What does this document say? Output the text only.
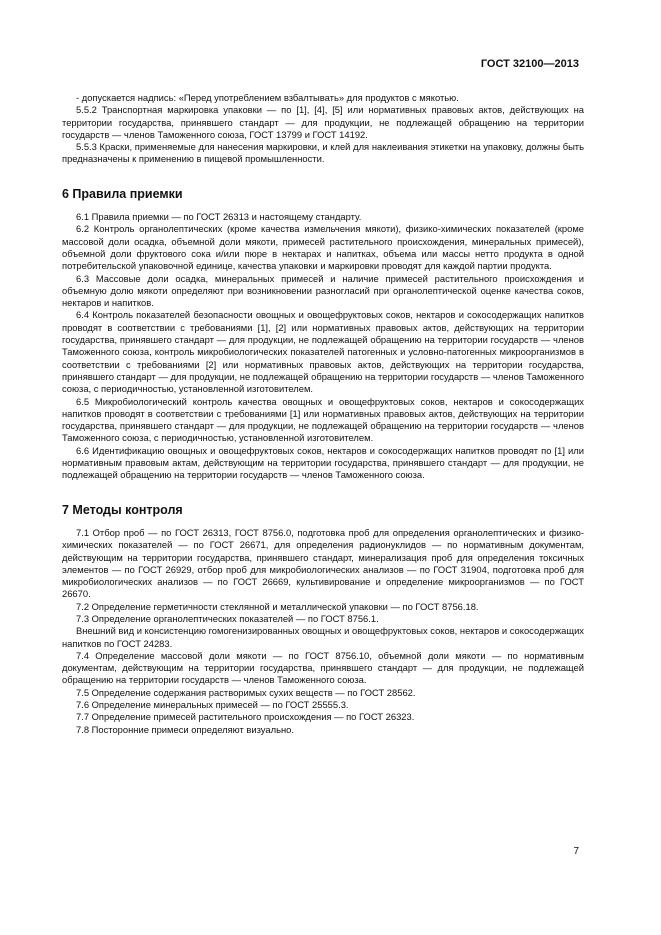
ГОСТ 32100—2013

- допускается надпись: «Перед употреблением взбалтывать» для продуктов с мякотью.

5.5.2 Транспортная маркировка упаковки — по [1], [4], [5] или нормативных правовых актов, действующих на территории государства, принявшего стандарт — для продукции, не подлежащей обращению на территории государств — членов Таможенного союза, ГОСТ 13799 и ГОСТ 14192.

5.5.3 Краски, применяемые для нанесения маркировки, и клей для наклеивания этикетки на упаковку, должны быть предназначены к применению в пищевой промышленности.

6 Правила приемки

6.1 Правила приемки — по ГОСТ 26313 и настоящему стандарту.

6.2 Контроль органолептических (кроме качества измельчения мякоти), физико-химических показателей (кроме массовой доли осадка, объемной доли мякоти, примесей растительного происхождения, минеральных примесей), объемной доли фруктового сока и/или пюре в нектарах и напитках, объема или массы нетто продукта в одной потребительской упаковочной единице, качества упаковки и маркировки проводят для каждой партии продукта.

6.3 Массовые доли осадка, минеральных примесей и наличие примесей растительного происхождения и объемную долю мякоти определяют при возникновении разногласий при органолептической оценке качества соков, нектаров и напитков.

6.4 Контроль показателей безопасности овощных и овощефруктовых соков, нектаров и сокосодержащих напитков проводят в соответствии с требованиями [1], [2] или нормативных правовых актов, действующих на территории государства, принявшего стандарт — для продукции, не подлежащей обращению на территории государств — членов Таможенного союза, контроль микробиологических показателей патогенных и условно-патогенных микроорганизмов в соответствии с требованиями [2] или нормативных правовых актов, действующих на территории государства, принявшего стандарт — для продукции, не подлежащей обращению на территории государств — членов Таможенного союза, с периодичностью, установленной изготовителем.

6.5 Микробиологический контроль качества овощных и овощефруктовых соков, нектаров и сокосодержащих напитков проводят в соответствии с требованиями [1] или нормативных правовых актов, действующих на территории государства, принявшего стандарт — для продукции, не подлежащей обращению на территории государств — членов Таможенного союза, с периодичностью, установленной изготовителем.

6.6 Идентификацию овощных и овощефруктовых соков, нектаров и сокосодержащих напитков проводят по [1] или нормативным правовым актам, действующим на территории государства, принявшего стандарт — для продукции, не подлежащей обращению на территории государств — членов Таможенного союза.

7 Методы контроля

7.1 Отбор проб — по ГОСТ 26313, ГОСТ 8756.0, подготовка проб для определения органолептических и физико-химических показателей — по ГОСТ 26671, для определения радионуклидов — по нормативным документам, действующим на территории государства, принявшего стандарт, минерализация проб для определения токсичных элементов — по ГОСТ 26929, отбор проб для микробиологических анализов — по ГОСТ 31904, подготовка проб для микробиологических анализов — по ГОСТ 26669, культивирование и определение микроорганизмов — по ГОСТ 26670.

7.2 Определение герметичности стеклянной и металлической упаковки — по ГОСТ 8756.18.

7.3 Определение органолептических показателей — по ГОСТ 8756.1.

Внешний вид и консистенцию гомогенизированных овощных и овощефруктовых соков, нектаров и сокосодержащих напитков по ГОСТ 24283.

7.4 Определение массовой доли мякоти — по ГОСТ 8756.10, объемной доли мякоти — по нормативным документам, действующим на территории государства, принявшего стандарт — для продукции, не подлежащей обращению на территории государств — членов Таможенного союза.

7.5 Определение содержания растворимых сухих веществ — по ГОСТ 28562.

7.6 Определение минеральных примесей — по ГОСТ 25555.3.

7.7 Определение примесей растительного происхождения — по ГОСТ 26323.

7.8 Посторонние примеси определяют визуально.

7
